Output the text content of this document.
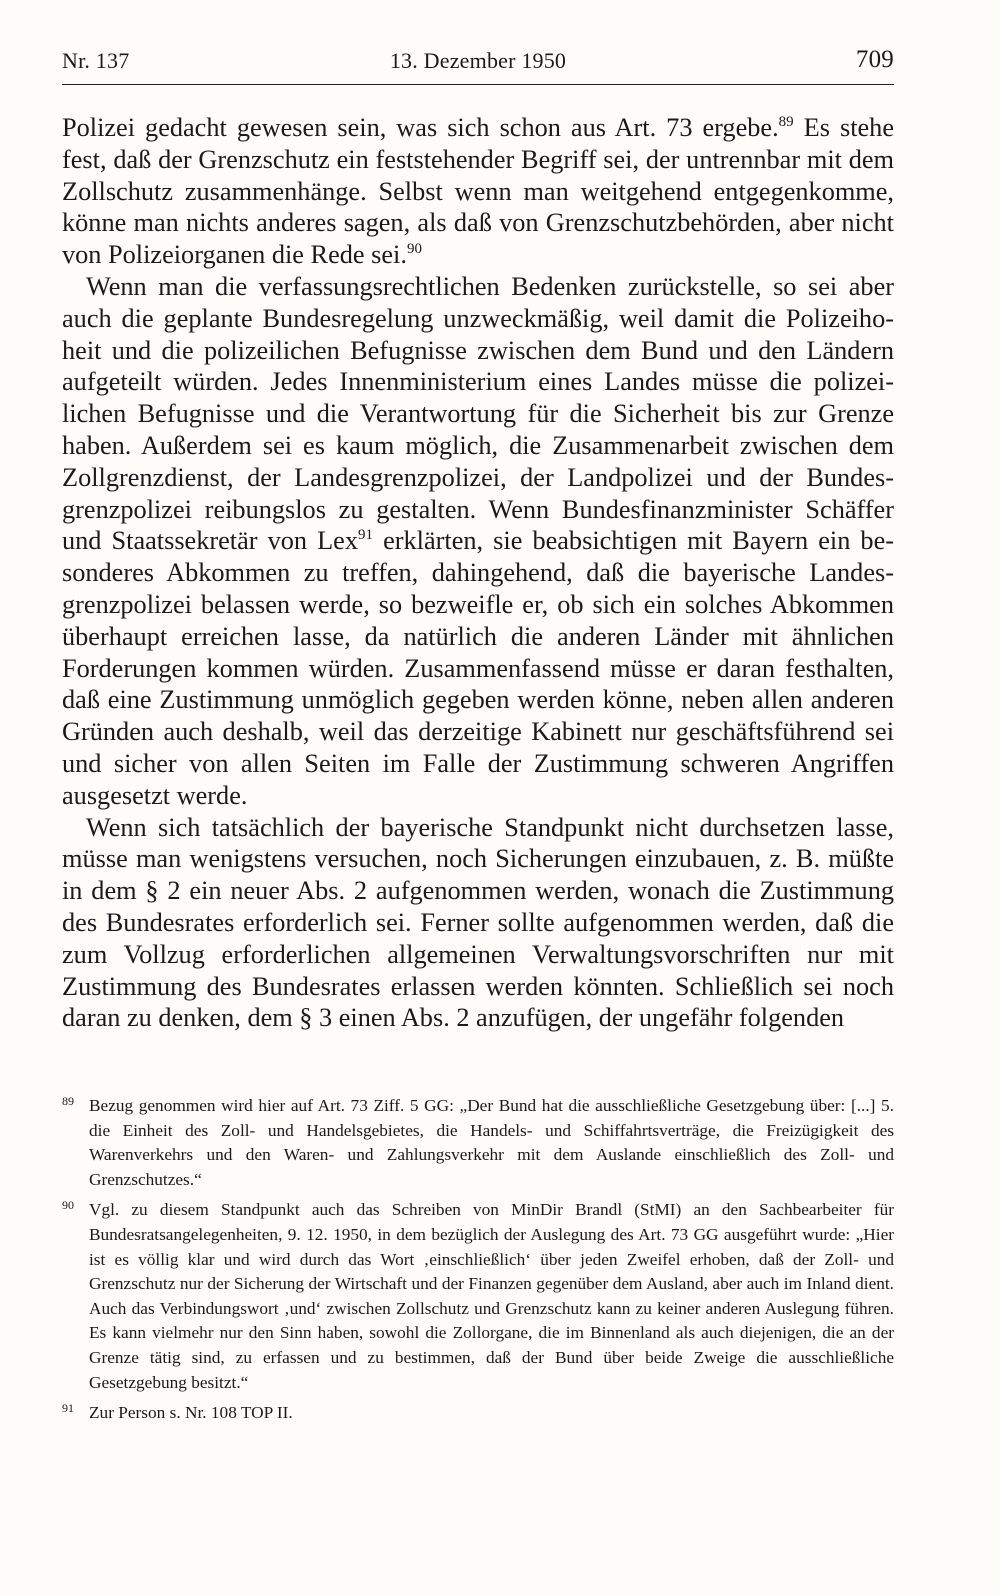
Nr. 137	13. Dezember 1950	709

Polizei gedacht gewesen sein, was sich schon aus Art. 73 ergebe.$^{89}$ Es stehe fest, daß der Grenzschutz ein feststehender Begriff sei, der untrennbar mit dem Zollschutz zusammenhänge. Selbst wenn man weitgehend entgegenkomme, könne man nichts anderes sagen, als daß von Grenzschutzbehörden, aber nicht von Polizeiorganen die Rede sei.$^{90}$

Wenn man die verfassungsrechtlichen Bedenken zurückstelle, so sei aber auch die geplante Bundesregelung unzweckmäßig, weil damit die Polizeihoheit und die polizeilichen Befugnisse zwischen dem Bund und den Ländern aufgeteilt würden. Jedes Innenministerium eines Landes müsse die polizeilichen Befugnisse und die Verantwortung für die Sicherheit bis zur Grenze haben. Außerdem sei es kaum möglich, die Zusammenarbeit zwischen dem Zollgrenzdienst, der Landesgrenzpolizei, der Landpolizei und der Bundesgrenzpolizei reibungslos zu gestalten. Wenn Bundesfinanzminister Schäffer und Staatssekretär von Lex$^{91}$ erklärten, sie beabsichtigen mit Bayern ein besonderes Abkommen zu treffen, dahingehend, daß die bayerische Landesgrenzpolizei belassen werde, so bezweifle er, ob sich ein solches Abkommen überhaupt erreichen lasse, da natürlich die anderen Länder mit ähnlichen Forderungen kommen würden. Zusammenfassend müsse er daran festhalten, daß eine Zustimmung unmöglich gegeben werden könne, neben allen anderen Gründen auch deshalb, weil das derzeitige Kabinett nur geschäftsführend sei und sicher von allen Seiten im Falle der Zustimmung schweren Angriffen ausgesetzt werde.

Wenn sich tatsächlich der bayerische Standpunkt nicht durchsetzen lasse, müsse man wenigstens versuchen, noch Sicherungen einzubauen, z. B. müßte in dem § 2 ein neuer Abs. 2 aufgenommen werden, wonach die Zustimmung des Bundesrates erforderlich sei. Ferner sollte aufgenommen werden, daß die zum Vollzug erforderlichen allgemeinen Verwaltungsvorschriften nur mit Zustimmung des Bundesrates erlassen werden könnten. Schließlich sei noch daran zu denken, dem § 3 einen Abs. 2 anzufügen, der ungefähr folgenden

89 Bezug genommen wird hier auf Art. 73 Ziff. 5 GG: „Der Bund hat die ausschließliche Gesetzgebung über: [...] 5. die Einheit des Zoll- und Handelsgebietes, die Handels- und Schiffahrtsverträge, die Freizügigkeit des Warenverkehrs und den Waren- und Zahlungsverkehr mit dem Auslande einschließlich des Zoll- und Grenzschutzes.“
90 Vgl. zu diesem Standpunkt auch das Schreiben von MinDir Brandl (StMI) an den Sachbearbeiter für Bundesratsangelegenheiten, 9. 12. 1950, in dem bezüglich der Auslegung des Art. 73 GG ausgeführt wurde: „Hier ist es völlig klar und wird durch das Wort ‚einschließlich‘ über jeden Zweifel erhoben, daß der Zoll- und Grenzschutz nur der Sicherung der Wirtschaft und der Finanzen gegenüber dem Ausland, aber auch im Inland dient. Auch das Verbindungswort ‚und‘ zwischen Zollschutz und Grenzschutz kann zu keiner anderen Auslegung führen. Es kann vielmehr nur den Sinn haben, sowohl die Zollorgane, die im Binnenland als auch diejenigen, die an der Grenze tätig sind, zu erfassen und zu bestimmen, daß der Bund über beide Zweige die ausschließliche Gesetzgebung besitzt.“
91 Zur Person s. Nr. 108 TOP II.
